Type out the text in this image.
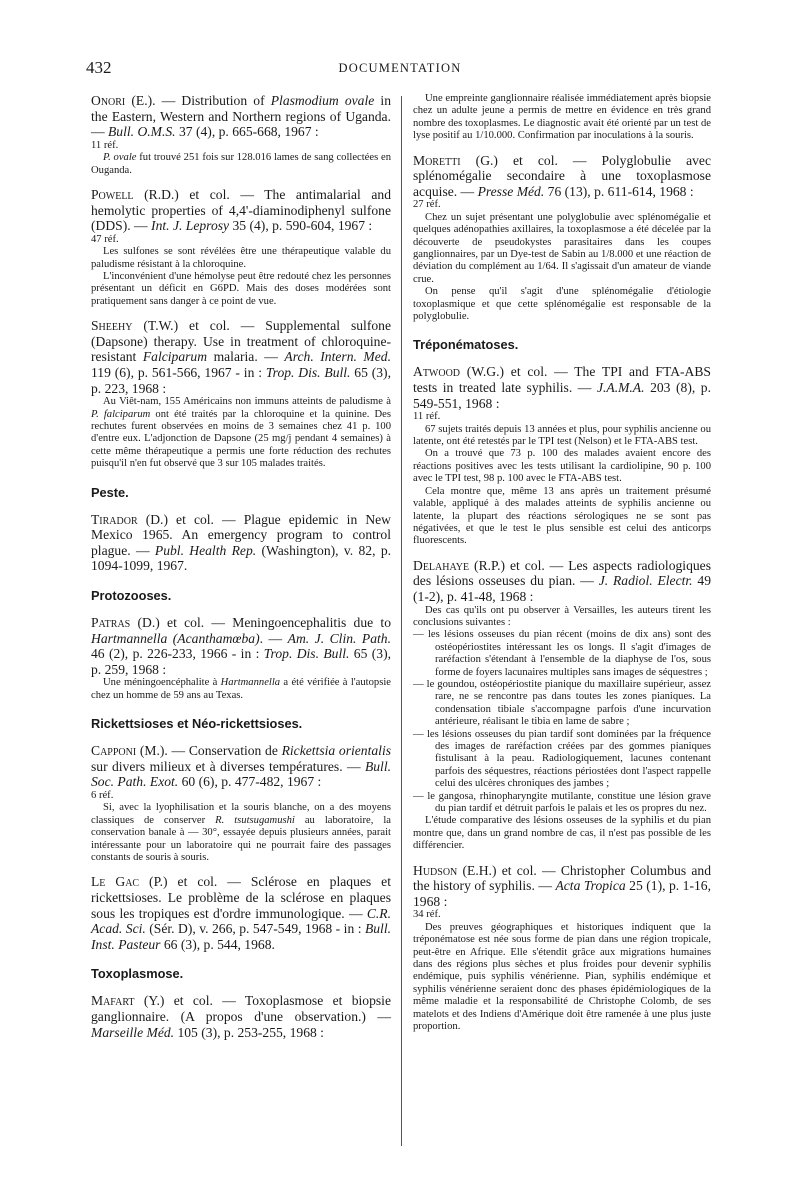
432	DOCUMENTATION

Onori (E.). — Distribution of Plasmodium ovale in the Eastern, Western and Northern regions of Uganda. — Bull. O.M.S. 37 (4), p. 665-668, 1967 :

11 réf.

P. ovale fut trouvé 251 fois sur 128.016 lames de sang collectées en Ouganda.

Powell (R.D.) et col. — The antimalarial and hemolytic properties of 4,4'-diaminodiphenyl sulfone (DDS). — Int. J. Leprosy 35 (4), p. 590-604, 1967 :

47 réf.

Les sulfones se sont révélées être une thérapeutique valable du paludisme résistant à la chloroquine.

L'inconvénient d'une hémolyse peut être redouté chez les personnes présentant un déficit en G6PD. Mais des doses modérées sont pratiquement sans danger à ce point de vue.

Sheehy (T.W.) et col. — Supplemental sulfone (Dapsone) therapy. Use in treatment of chloroquine-resistant Falciparum malaria. — Arch. Intern. Med. 119 (6), p. 561-566, 1967 - in : Trop. Dis. Bull. 65 (3), p. 223, 1968 :

Au Viêt-nam, 155 Américains non immuns atteints de paludisme à P. falciparum ont été traités par la chloroquine et la quinine. Des rechutes furent observées en moins de 3 semaines chez 41 p. 100 d'entre eux. L'adjonction de Dapsone (25 mg/j pendant 4 semaines) à cette même thérapeutique a permis une forte réduction des rechutes puisqu'il n'en fut observé que 3 sur 105 malades traités.

Peste.

Tirador (D.) et col. — Plague epidemic in New Mexico 1965. An emergency program to control plague. — Publ. Health Rep. (Washington), v. 82, p. 1094-1099, 1967.

Protozooses.

Patras (D.) et col. — Meningoencephalitis due to Hartmannella (Acanthamœba). — Am. J. Clin. Path. 46 (2), p. 226-233, 1966 - in : Trop. Dis. Bull. 65 (3), p. 259, 1968 :

Une méningoencéphalite à Hartmannella a été vérifiée à l'autopsie chez un homme de 59 ans au Texas.

Rickettsioses et Néo-rickettsioses.

Capponi (M.). — Conservation de Rickettsia orientalis sur divers milieux et à diverses températures. — Bull. Soc. Path. Exot. 60 (6), p. 477-482, 1967 :

6 réf.

Si, avec la lyophilisation et la souris blanche, on a des moyens classiques de conserver R. tsutsugamushi au laboratoire, la conservation banale à — 30°, essayée depuis plusieurs années, parait intéressante pour un laboratoire qui ne pourrait faire des passages constants de souris à souris.

Le Gac (P.) et col. — Sclérose en plaques et rickettsioses. Le problème de la sclérose en plaques sous les tropiques est d'ordre immunologique. — C.R. Acad. Sci. (Sér. D), v. 266, p. 547-549, 1968 - in : Bull. Inst. Pasteur 66 (3), p. 544, 1968.

Toxoplasmose.

Mafart (Y.) et col. — Toxoplasmose et biopsie ganglionnaire. (A propos d'une observation.) — Marseille Méd. 105 (3), p. 253-255, 1968 :

Une empreinte ganglionnaire réalisée immédiatement après biopsie chez un adulte jeune a permis de mettre en évidence en très grand nombre des toxoplasmes. Le diagnostic avait été orienté par un test de lyse positif au 1/10.000. Confirmation par inoculations à la souris.

Moretti (G.) et col. — Polyglobulie avec splénomégalie secondaire à une toxoplasmose acquise. — Presse Méd. 76 (13), p. 611-614, 1968 :

27 réf.

Chez un sujet présentant une polyglobulie avec splénomégalie et quelques adénopathies axillaires, la toxoplasmose a été décelée par la découverte de pseudokystes parasitaires dans les coupes ganglionnaires, par un Dye-test de Sabin au 1/8.000 et une réaction de déviation du complément au 1/64. Il s'agissait d'un amateur de viande crue.

On pense qu'il s'agit d'une splénomégalie d'étiologie toxoplasmique et que cette splénomégalie est responsable de la polyglobulie.

Tréponématoses.

Atwood (W.G.) et col. — The TPI and FTA-ABS tests in treated late syphilis. — J.A.M.A. 203 (8), p. 549-551, 1968 :

11 réf.

67 sujets traités depuis 13 années et plus, pour syphilis ancienne ou latente, ont été retestés par le TPI test (Nelson) et le FTA-ABS test.

On a trouvé que 73 p. 100 des malades avaient encore des réactions positives avec les tests utilisant la cardiolipine, 90 p. 100 avec le TPI test, 98 p. 100 avec le FTA-ABS test.

Cela montre que, même 13 ans après un traitement présumé valable, appliqué à des malades atteints de syphilis ancienne ou latente, la plupart des réactions sérologiques ne se sont pas négativées, et que le test le plus sensible est celui des anticorps fluorescents.

Delahaye (R.P.) et col. — Les aspects radiologiques des lésions osseuses du pian. — J. Radiol. Electr. 49 (1-2), p. 41-48, 1968 :

Des cas qu'ils ont pu observer à Versailles, les auteurs tirent les conclusions suivantes :

— les lésions osseuses du pian récent (moins de dix ans) sont des ostéopériostites intéressant les os longs. Il s'agit d'images de raréfaction s'étendant à l'ensemble de la diaphyse de l'os, sous forme de foyers lacunaires multiples sans images de séquestres ;
— le goundou, ostéopériostite pianique du maxillaire supérieur, assez rare, ne se rencontre pas dans toutes les zones pianiques. La condensation tibiale s'accompagne parfois d'une incurvation antérieure, réalisant le tibia en lame de sabre ;
— les lésions osseuses du pian tardif sont dominées par la fréquence des images de raréfaction créées par des gommes pianiques fistulisant à la peau. Radiologiquement, lacunes contenant parfois des séquestres, réactions périostées dont l'aspect rappelle celui des ulcères chroniques des jambes ;
— le gangosa, rhinopharyngite mutilante, constitue une lésion grave du pian tardif et détruit parfois le palais et les os propres du nez.

L'étude comparative des lésions osseuses de la syphilis et du pian montre que, dans un grand nombre de cas, il n'est pas possible de les différencier.

Hudson (E.H.) et col. — Christopher Columbus and the history of syphilis. — Acta Tropica 25 (1), p. 1-16, 1968 :

34 réf.

Des preuves géographiques et historiques indiquent que la tréponématose est née sous forme de pian dans une région tropicale, peut-être en Afrique. Elle s'étendit grâce aux migrations humaines dans des régions plus sèches et plus froides pour devenir syphilis endémique, puis syphilis vénérienne. Pian, syphilis endémique et syphilis vénérienne seraient donc des phases épidémiologiques de la même maladie et la responsabilité de Christophe Colomb, de ses matelots et des Indiens d'Amérique doit être ramenée à une plus juste proportion.
